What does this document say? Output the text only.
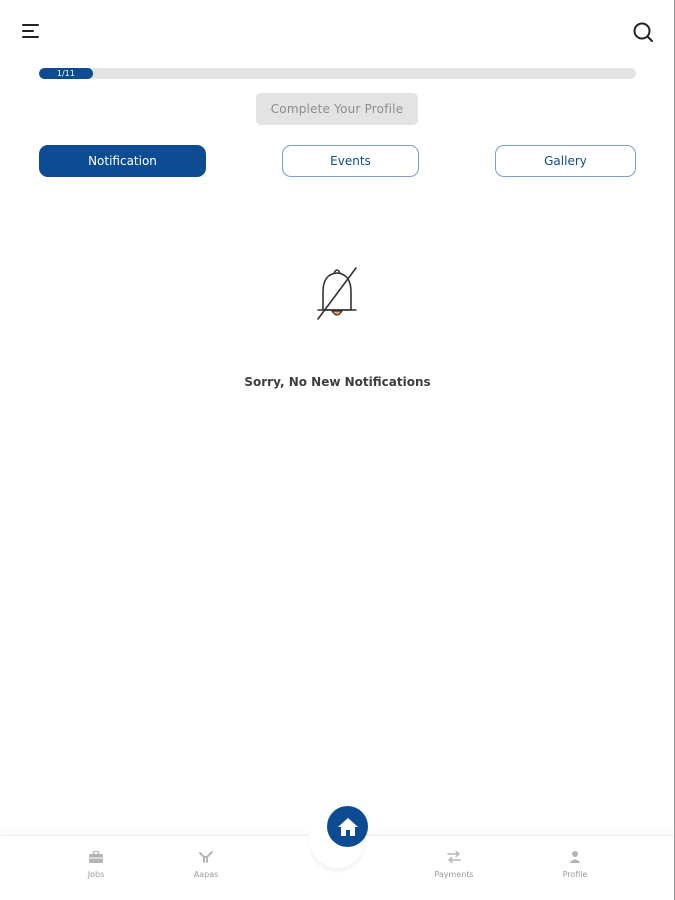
1/11
Complete Your Profile
Notification	Events	Gallery
Sorry, No New Notifications
Jobs	Aapas	Payments	Profile
